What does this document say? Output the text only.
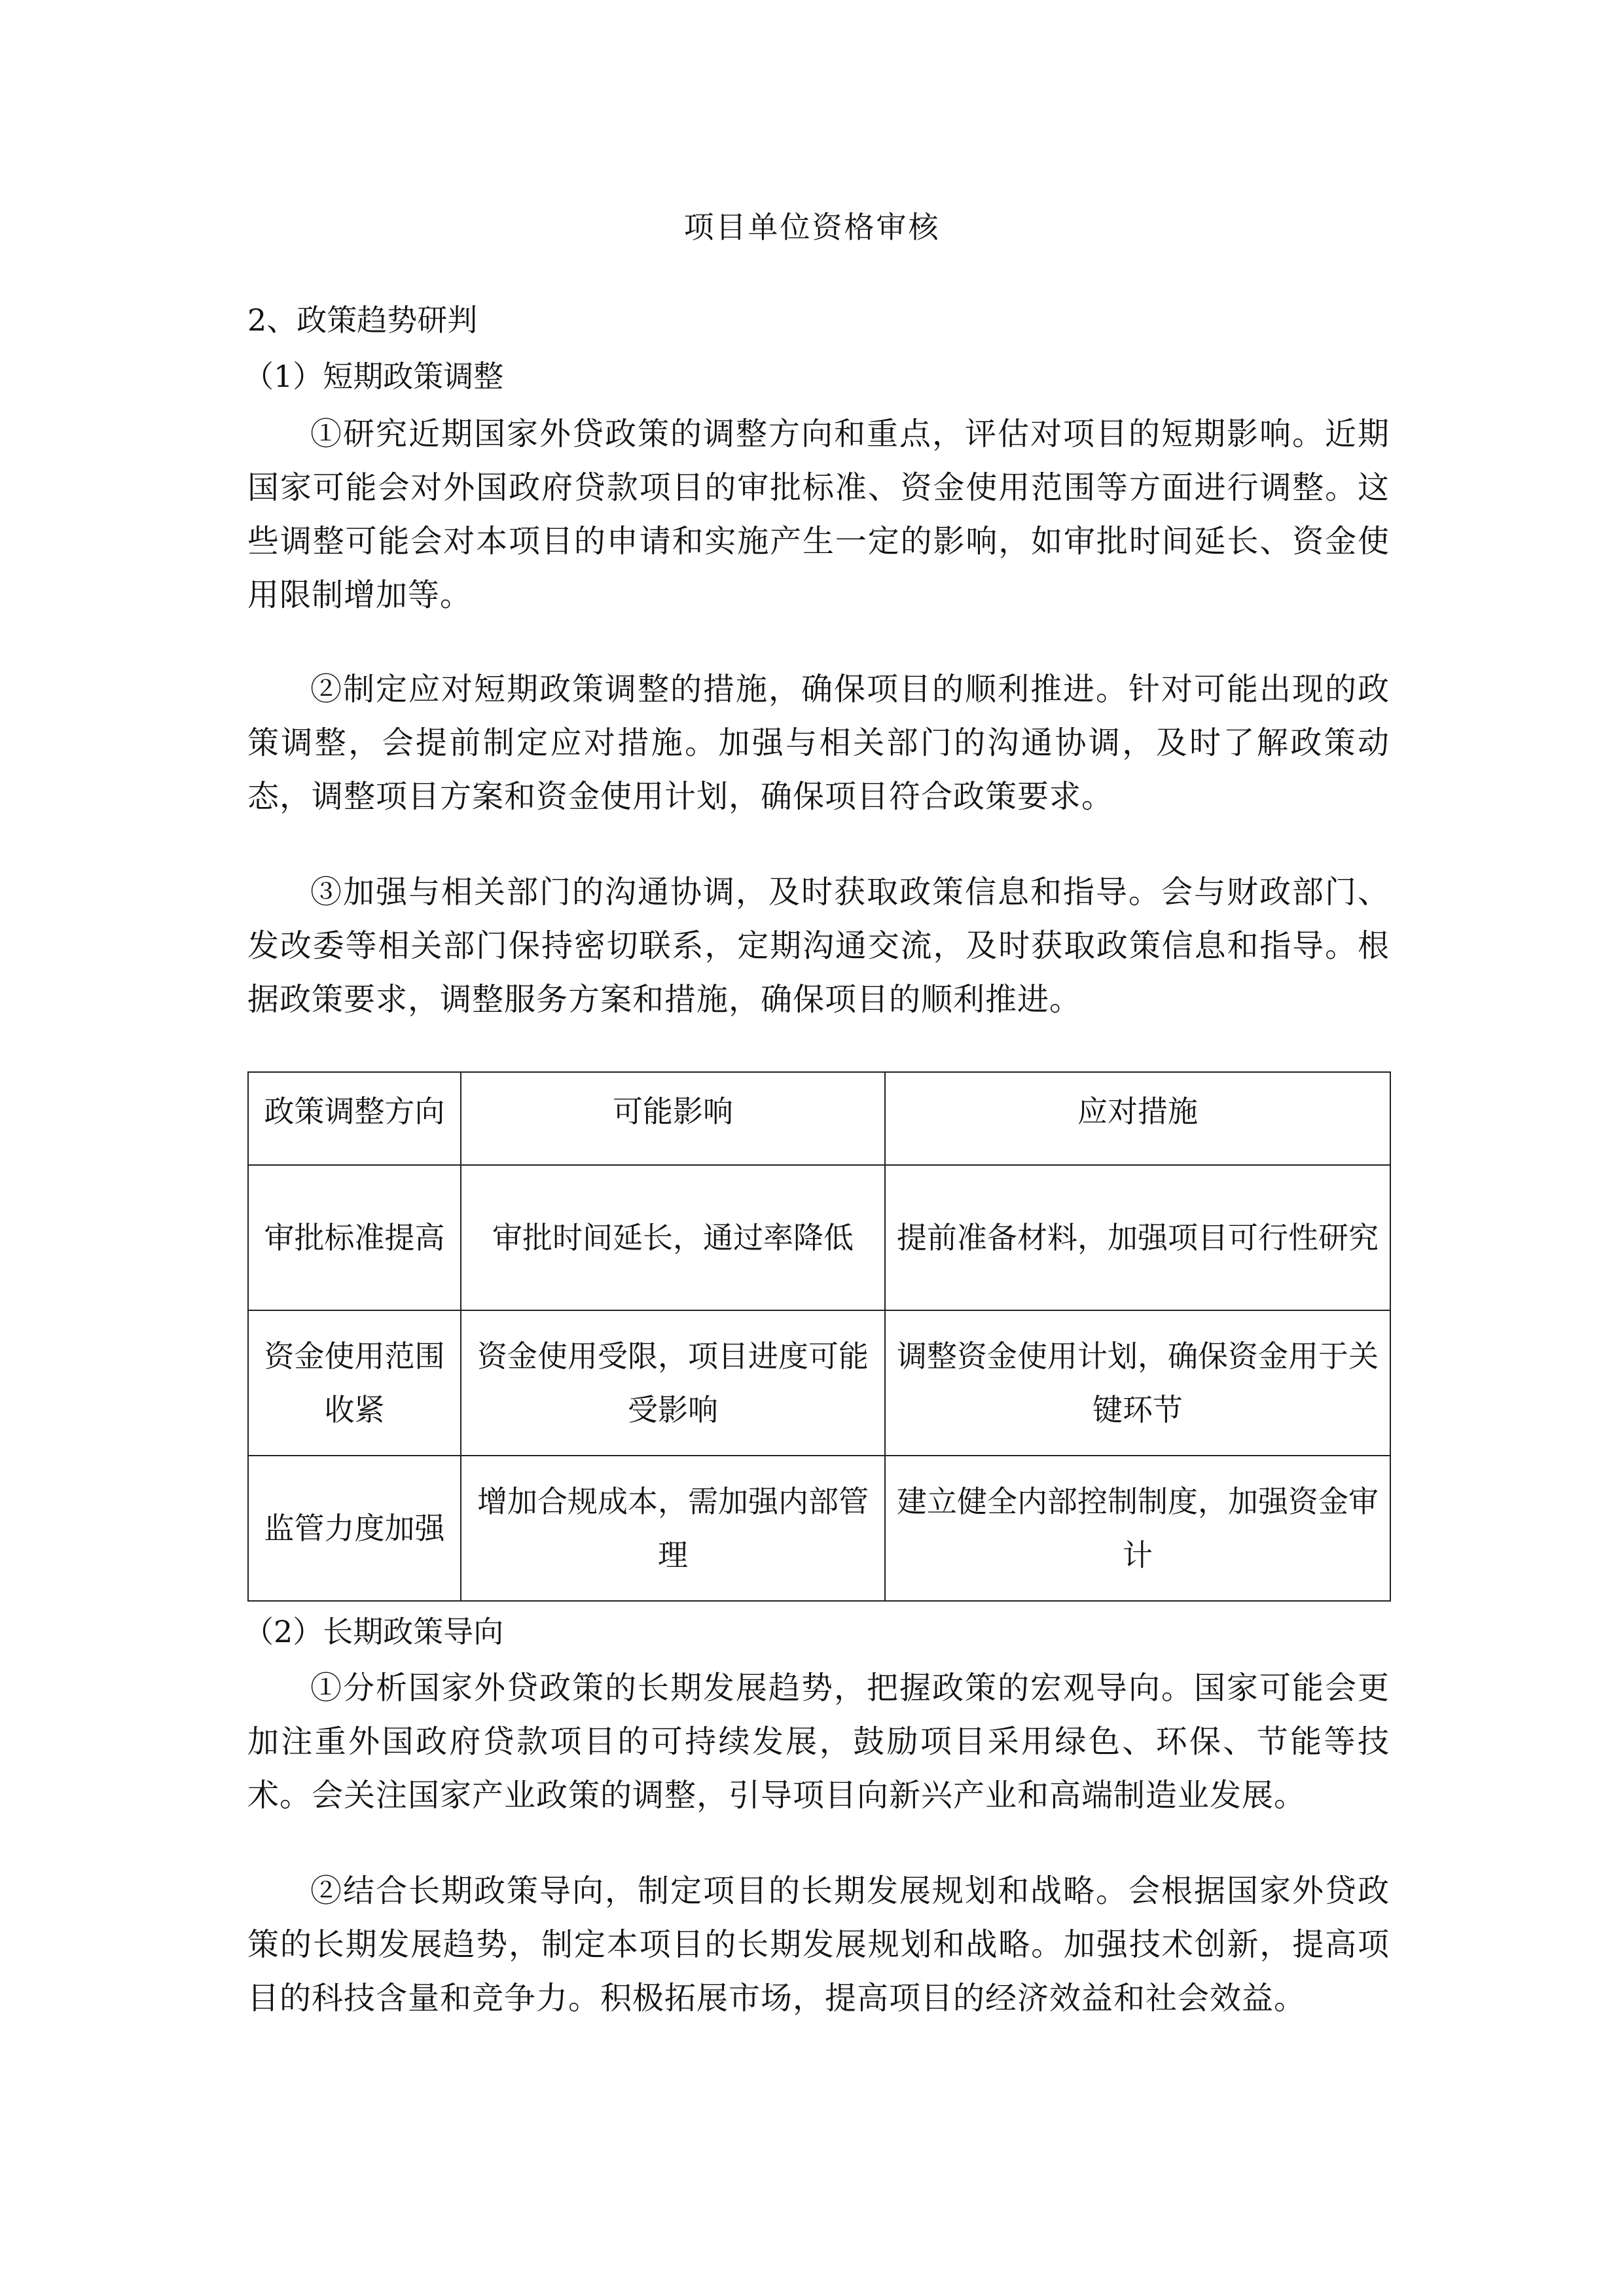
项目单位资格审核
2、政策趋势研判
（1）短期政策调整

①研究近期国家外贷政策的调整方向和重点，评估对项目的短期影响。近期国家可能会对外国政府贷款项目的审批标准、资金使用范围等方面进行调整。这些调整可能会对本项目的申请和实施产生一定的影响，如审批时间延长、资金使用限制增加等。

②制定应对短期政策调整的措施，确保项目的顺利推进。针对可能出现的政策调整，会提前制定应对措施。加强与相关部门的沟通协调，及时了解政策动态，调整项目方案和资金使用计划，确保项目符合政策要求。

③加强与相关部门的沟通协调，及时获取政策信息和指导。会与财政部门、发改委等相关部门保持密切联系，定期沟通交流，及时获取政策信息和指导。根据政策要求，调整服务方案和措施，确保项目的顺利推进。

政策调整方向	可能影响	应对措施
审批标准提高	审批时间延长，通过率降低	提前准备材料，加强项目可行性研究
资金使用范围收紧	资金使用受限，项目进度可能受影响	调整资金使用计划，确保资金用于关键环节
监管力度加强	增加合规成本，需加强内部管理	建立健全内部控制制度，加强资金审计
（2）长期政策导向

①分析国家外贷政策的长期发展趋势，把握政策的宏观导向。国家可能会更加注重外国政府贷款项目的可持续发展，鼓励项目采用绿色、环保、节能等技术。会关注国家产业政策的调整，引导项目向新兴产业和高端制造业发展。

②结合长期政策导向，制定项目的长期发展规划和战略。会根据国家外贷政策的长期发展趋势，制定本项目的长期发展规划和战略。加强技术创新，提高项目的科技含量和竞争力。积极拓展市场，提高项目的经济效益和社会效益。
